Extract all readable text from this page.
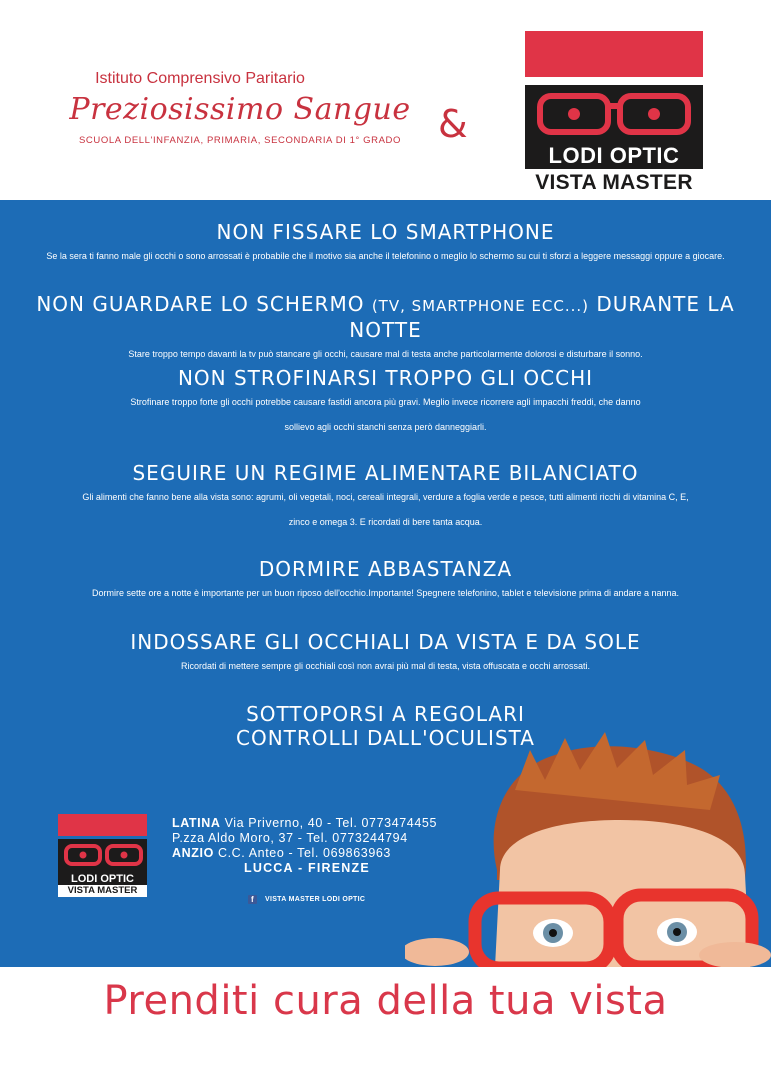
Istituto Comprensivo Paritario
Preziosissimo Sangue
SCUOLA DELL'INFANZIA, PRIMARIA, SECONDARIA DI 1° GRADO &
LODI OPTIC
VISTA MASTER
NON FISSARE LO SMARTPHONE

Se la sera ti fanno male gli occhi o sono arrossati è probabile che il motivo sia anche il telefonino o meglio lo schermo su cui ti sforzi a leggere messaggi oppure a giocare.

NON GUARDARE LO SCHERMO (TV, SMARTPHONE ECC...) DURANTE LA NOTTE

Stare troppo tempo davanti la tv può stancare gli occhi, causare mal di testa anche particolarmente dolorosi e disturbare il sonno.

NON STROFINARSI TROPPO GLI OCCHI

Strofinare troppo forte gli occhi potrebbe causare fastidi ancora più gravi. Meglio invece ricorrere agli impacchi freddi, che danno

sollievo agli occhi stanchi senza però danneggiarli.

SEGUIRE UN REGIME ALIMENTARE BILANCIATO

Gli alimenti che fanno bene alla vista sono: agrumi, oli vegetali, noci, cereali integrali, verdure a foglia verde e pesce, tutti alimenti ricchi di vitamina C, E,

zinco e omega 3. E ricordati di bere tanta acqua.

DORMIRE ABBASTANZA

Dormire sette ore a notte è importante per un buon riposo dell'occhio.Importante! Spegnere telefonino, tablet e televisione prima di andare a nanna.

INDOSSARE GLI OCCHIALI DA VISTA E DA SOLE

Ricordati di mettere sempre gli occhiali così non avrai più mal di testa, vista offuscata e occhi arrossati.

SOTTOPORSI A REGOLARI
CONTROLLI DALL'OCULISTA
LODI OPTIC
VISTA MASTER
LATINA Via Priverno, 40 - Tel. 0773474455
P.zza Aldo Moro, 37 - Tel. 0773244794
ANZIO C.C. Anteo - Tel. 069863963
LUCCA - FIRENZE
f	VISTA MASTER LODI OPTIC
Prenditi cura della tua vista
